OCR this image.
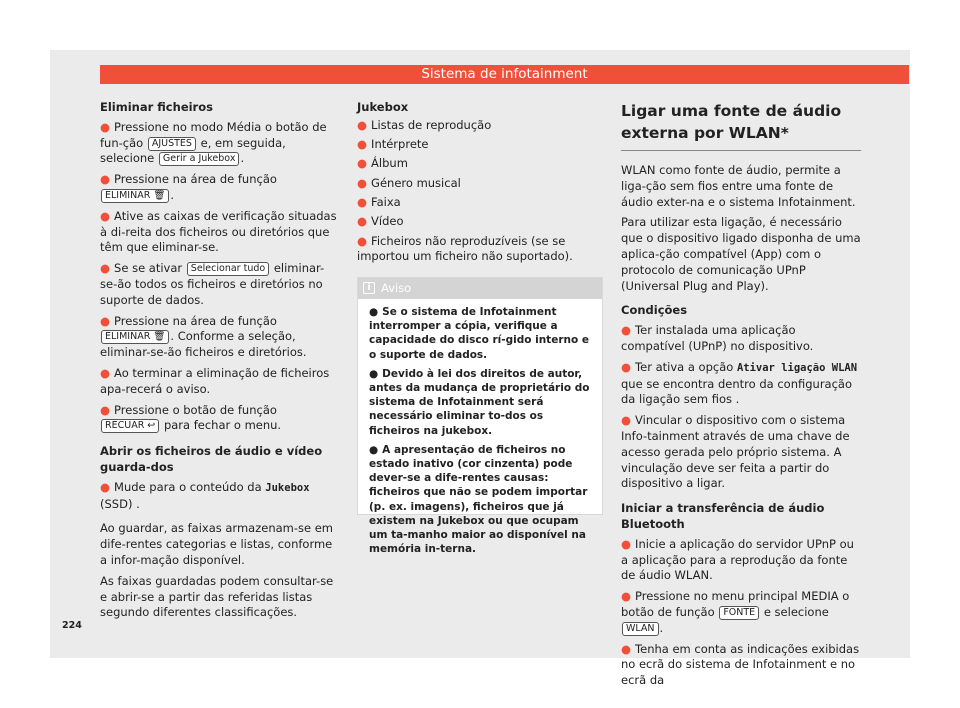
Sistema de infotainment
Eliminar ficheiros
● Pressione no modo Média o botão de fun-ção AJUSTES e, em seguida, selecione Gerir a Jukebox .
● Pressione na área de função ELIMINAR 🗑 .
● Ative as caixas de verificação situadas à di-reita dos ficheiros ou diretórios que têm que eliminar-se.
● Se se ativar Selecionar tudo eliminar-se-ão todos os ficheiros e diretórios no suporte de dados.
● Pressione na área de função ELIMINAR 🗑 . Conforme a seleção, eliminar-se-ão ficheiros e diretórios.
● Ao terminar a eliminação de ficheiros apa-recerá o aviso.
● Pressione o botão de função RECUAR ↩ para fechar o menu.
Abrir os ficheiros de áudio e vídeo guarda-dos
● Mude para o conteúdo da Jukebox (SSD) .

Ao guardar, as faixas armazenam-se em dife-rentes categorias e listas, conforme a infor-mação disponível.

As faixas guardadas podem consultar-se e abrir-se a partir das referidas listas segundo diferentes classificações.

Jukebox
● Listas de reprodução
● Intérprete
● Álbum
● Género musical
● Faixa
● Vídeo
● Ficheiros não reproduzíveis (se se importou um ficheiro não suportado).
i Aviso
● Se o sistema de Infotainment interromper a cópia, verifique a capacidade do disco rí-gido interno e o suporte de dados.
● Devido à lei dos direitos de autor, antes da mudança de proprietário do sistema de Infotainment será necessário eliminar to-dos os ficheiros na jukebox.
● A apresentação de ficheiros no estado inativo (cor cinzenta) pode dever-se a dife-rentes causas: ficheiros que não se podem importar (p. ex. imagens), ficheiros que já existem na Jukebox ou que ocupam um ta-manho maior ao disponível na memória in-terna.
Ligar uma fonte de áudio externa por WLAN*

WLAN como fonte de áudio, permite a liga-ção sem fios entre uma fonte de áudio exter-na e o sistema Infotainment.

Para utilizar esta ligação, é necessário que o dispositivo ligado disponha de uma aplica-ção compatível (App) com o protocolo de comunicação UPnP (Universal Plug and Play).

Condições
● Ter instalada uma aplicação compatível (UPnP) no dispositivo.
● Ter ativa a opção Ativar ligação WLAN que se encontra dentro da configuração da ligação sem fios .
● Vincular o dispositivo com o sistema Info-tainment através de uma chave de acesso gerada pelo próprio sistema. A vinculação deve ser feita a partir do dispositivo a ligar.
Iniciar a transferência de áudio Bluetooth
● Inicie a aplicação do servidor UPnP ou a aplicação para a reprodução da fonte de áudio WLAN.
● Pressione no menu principal MEDIA o botão de função FONTE e selecione WLAN .
● Tenha em conta as indicações exibidas no ecrã do sistema de Infotainment e no ecrã da
224
